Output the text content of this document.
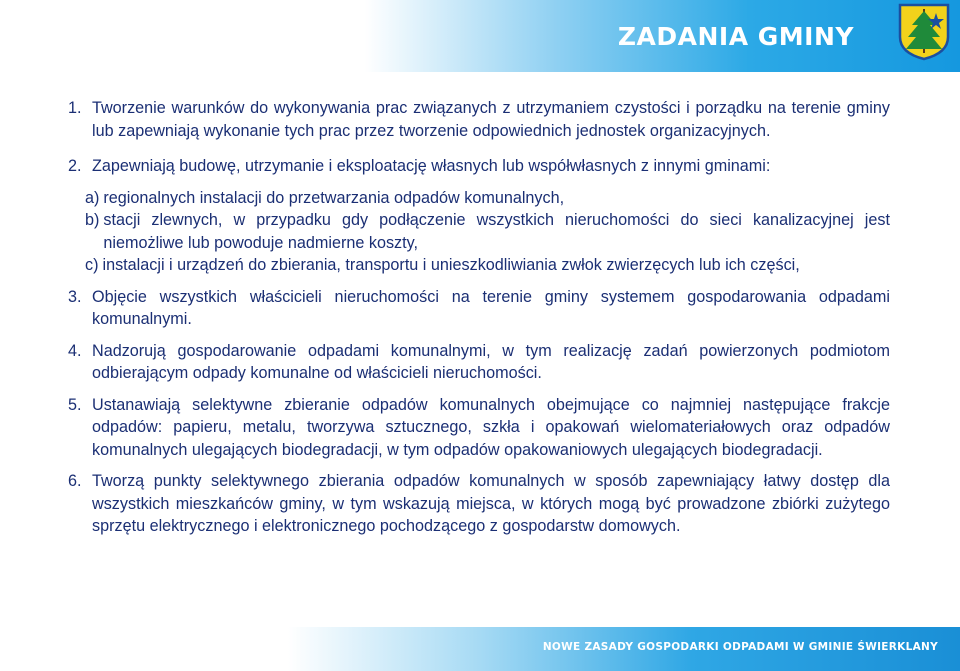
ZADANIA GMINY

1. Tworzenie warunków do wykonywania prac związanych z utrzymaniem czystości i porządku na terenie gminy lub zapewniają wykonanie tych prac przez tworzenie odpowiednich jednostek organizacyjnych.

2. Zapewniają budowę, utrzymanie i eksploatację własnych lub współwłasnych z innymi gminami:

a) regionalnych instalacji do przetwarzania odpadów komunalnych,

b) stacji zlewnych, w przypadku gdy podłączenie wszystkich nieruchomości do sieci kanalizacyjnej jest niemożliwe lub powoduje nadmierne koszty,

c) instalacji i urządzeń do zbierania, transportu i unieszkodliwiania zwłok zwierzęcych lub ich części,

3. Objęcie wszystkich właścicieli nieruchomości na terenie gminy systemem gospodarowania odpadami komunalnymi.

4. Nadzorują gospodarowanie odpadami komunalnymi, w tym realizację zadań powierzonych podmiotom odbierającym odpady komunalne od właścicieli nieruchomości.

5. Ustanawiają selektywne zbieranie odpadów komunalnych obejmujące co najmniej następujące frakcje odpadów: papieru, metalu, tworzywa sztucznego, szkła i opakowań wielomateriałowych oraz odpadów komunalnych ulegających biodegradacji, w tym odpadów opakowaniowych ulegających biodegradacji.

6. Tworzą punkty selektywnego zbierania odpadów komunalnych w sposób zapewniający łatwy dostęp dla wszystkich mieszkańców gminy, w tym wskazują miejsca, w których mogą być prowadzone zbiórki zużytego sprzętu elektrycznego i elektronicznego pochodzącego z gospodarstw domowych.

NOWE ZASADY GOSPODARKI ODPADAMI W GMINIE ŚWIERKLANY
